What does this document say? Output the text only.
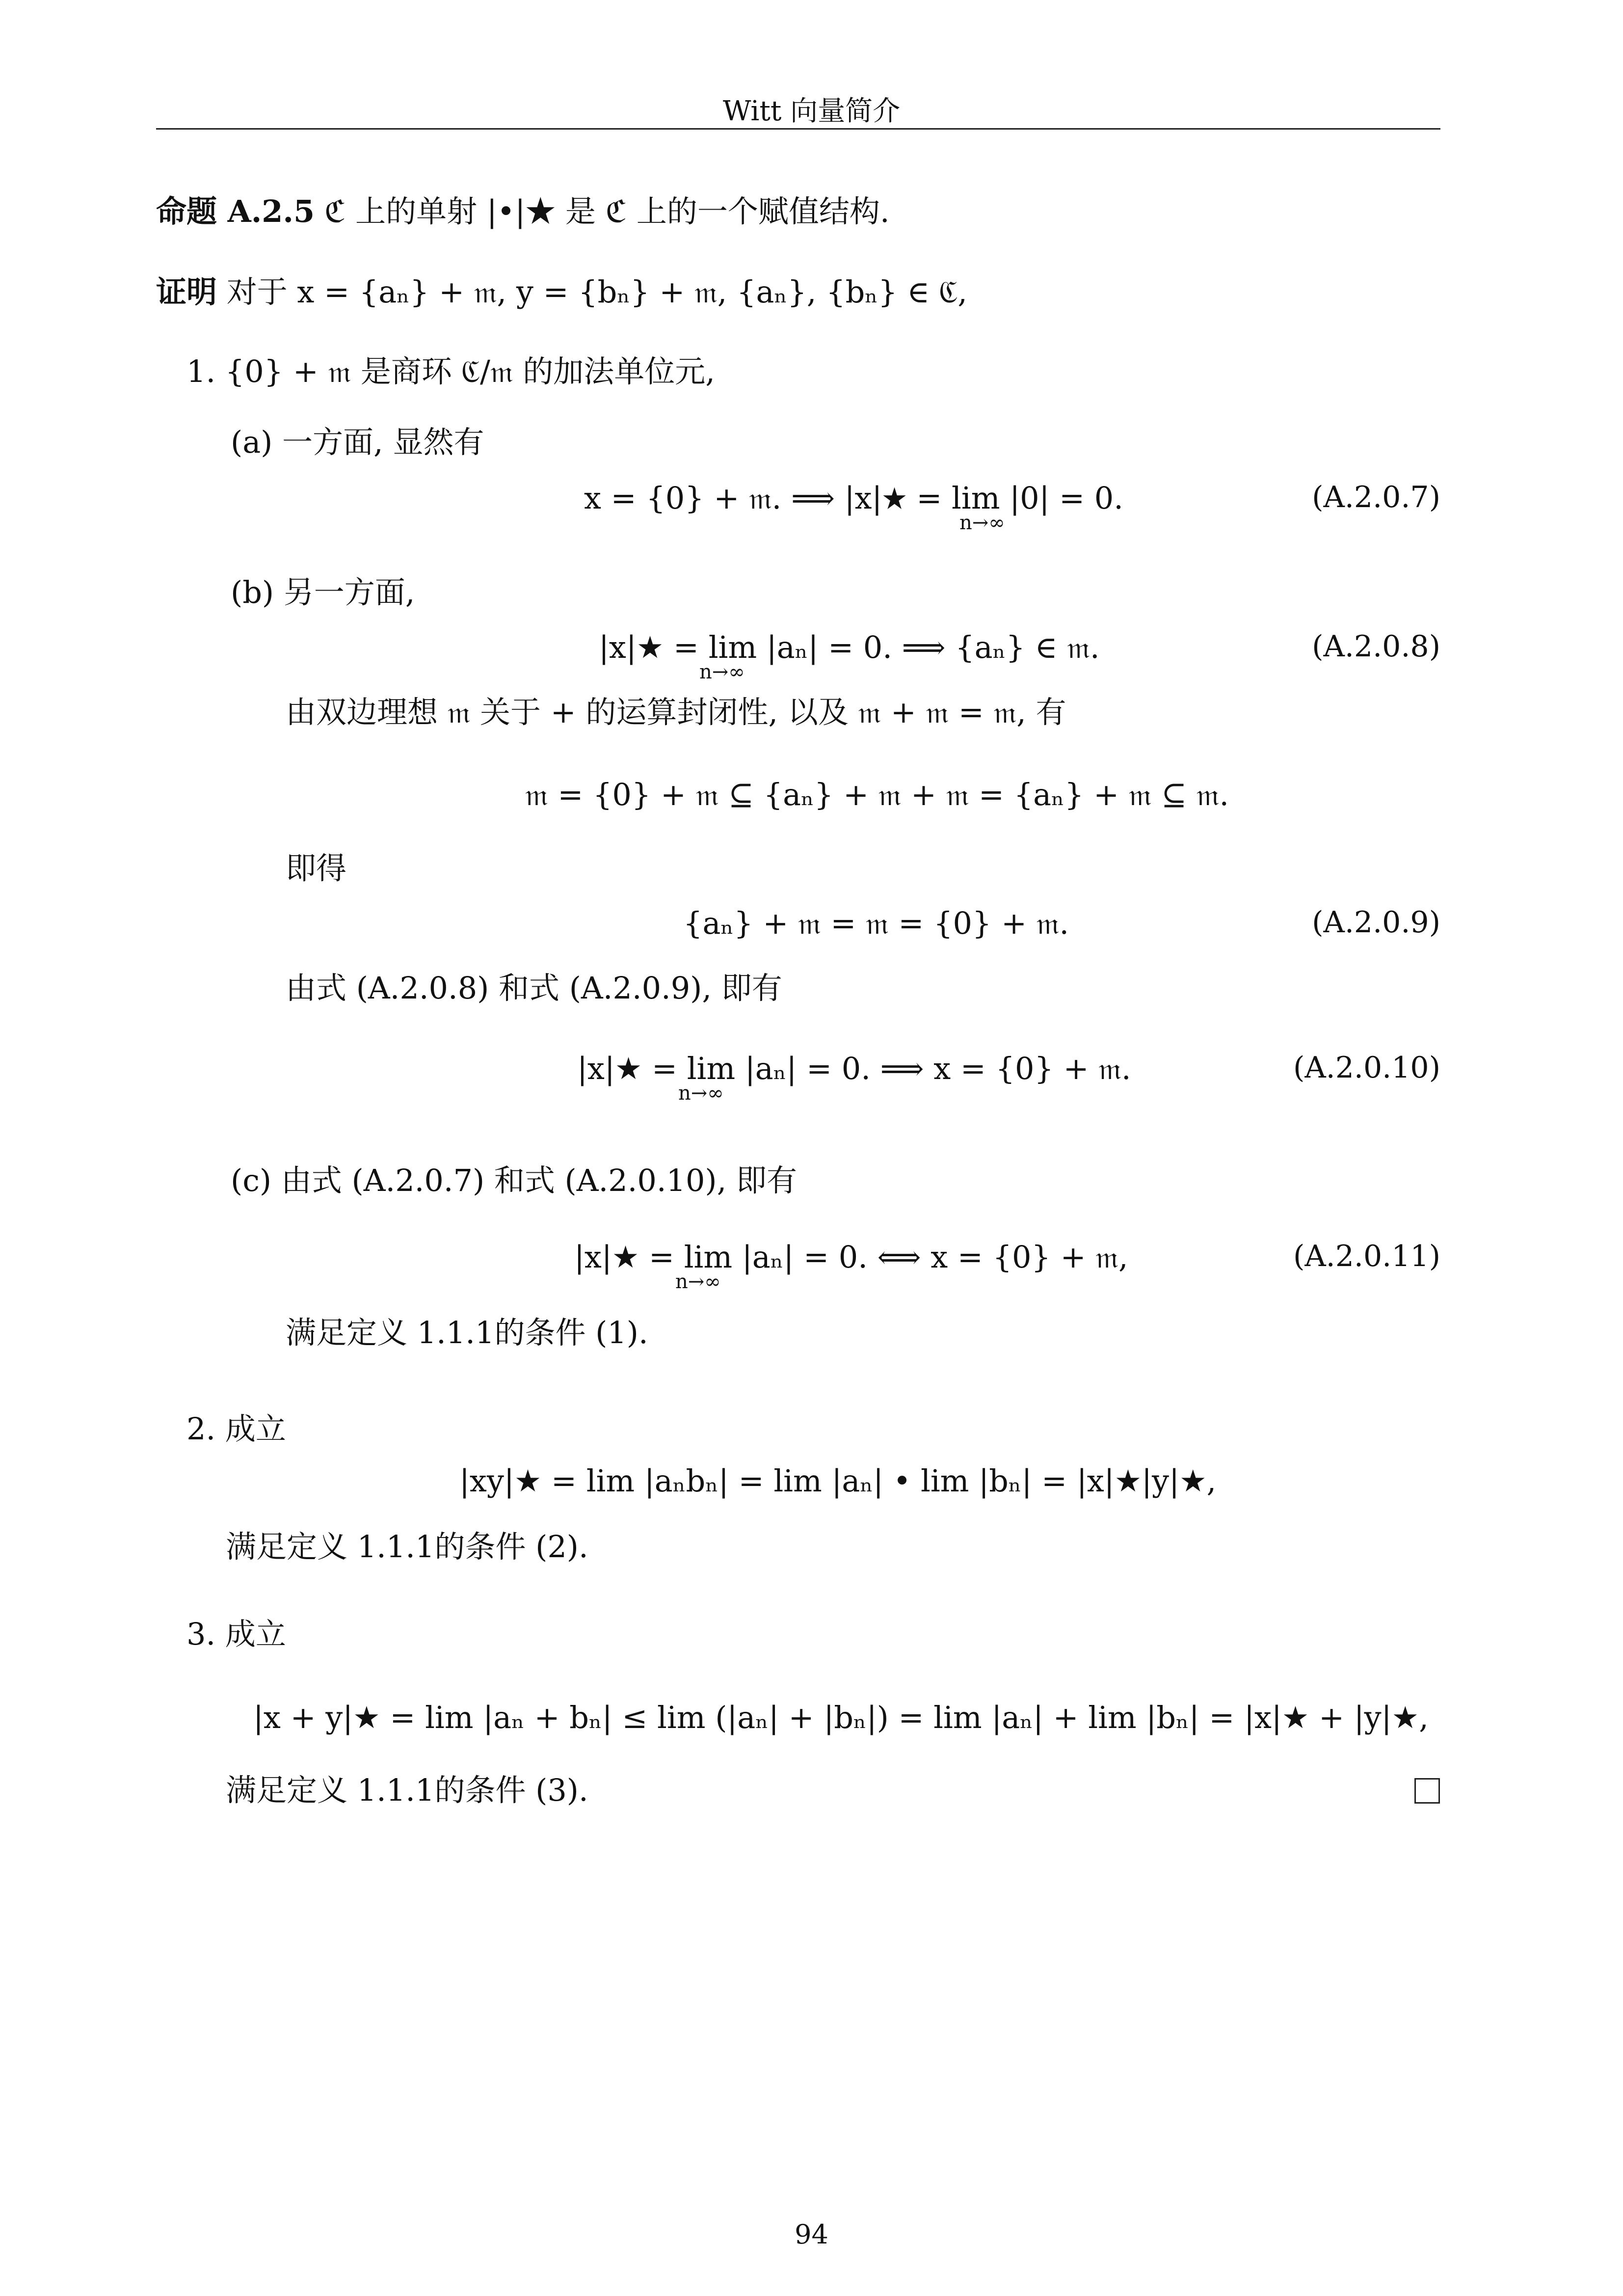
Witt 向量简介
命题 A.2.5 ℭ 上的单射 |•|★ 是 ℭ 上的一个赋值结构.
证明 对于 x = {aₙ} + 𝔪, y = {bₙ} + 𝔪, {aₙ}, {bₙ} ∈ ℭ,
1. {0} + 𝔪 是商环 ℭ/𝔪 的加法单位元,
(a) 一方面, 显然有
x = {0} + 𝔪. ⟹ |x|★ = lim |0| = 0.
n→∞
(A.2.0.7)
(b) 另一方面,
|x|★ = lim |aₙ| = 0. ⟹ {aₙ} ∈ 𝔪.
n→∞
(A.2.0.8)
由双边理想 𝔪 关于 + 的运算封闭性, 以及 𝔪 + 𝔪 = 𝔪, 有
𝔪 = {0} + 𝔪 ⊆ {aₙ} + 𝔪 + 𝔪 = {aₙ} + 𝔪 ⊆ 𝔪.
即得
{aₙ} + 𝔪 = 𝔪 = {0} + 𝔪.	(A.2.0.9)
由式 (A.2.0.8) 和式 (A.2.0.9), 即有
|x|★ = lim |aₙ| = 0. ⟹ x = {0} + 𝔪.
n→∞
(A.2.0.10)
(c) 由式 (A.2.0.7) 和式 (A.2.0.10), 即有
|x|★ = lim |aₙ| = 0. ⟺ x = {0} + 𝔪,
n→∞
(A.2.0.11)
满足定义 1.1.1的条件 (1).
2. 成立
|xy|★ = lim |aₙbₙ| = lim |aₙ| • lim |bₙ| = |x|★|y|★,
满足定义 1.1.1的条件 (2).
3. 成立
|x + y|★ = lim |aₙ + bₙ| ≤ lim (|aₙ| + |bₙ|) = lim |aₙ| + lim |bₙ| = |x|★ + |y|★,
满足定义 1.1.1的条件 (3).
94
